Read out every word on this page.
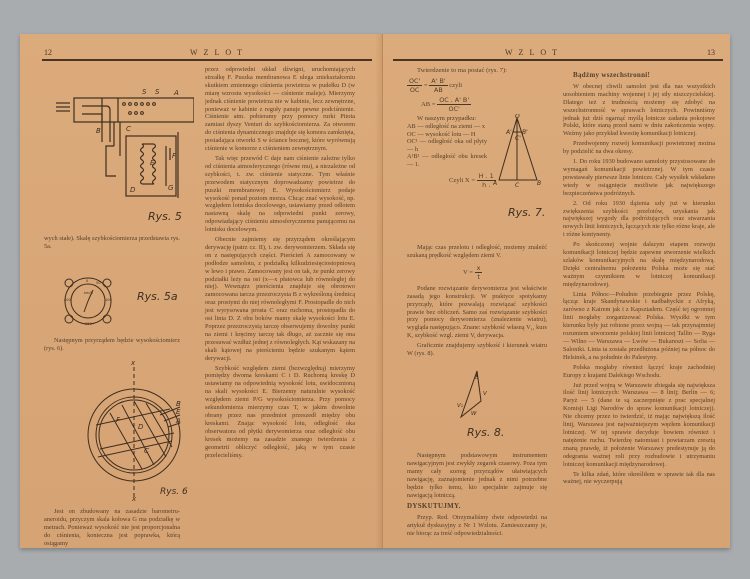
12	WZLOT
S S A
B	C
E
F
D	G
Rys. 5

wych stałe). Skalę szybkościomierza przedstawia rys. 5a.

0 50
100
400
250
km/h	Rys. 5a

Następnym przyrządem będzie wysokościomierz (rys. 6).

x
B
E
A
F
D
C
x
Rys. 6

Jest on zbudowany na zasadzie barometru-aneroidu, przyczym skala kołowa G ma podziałkę w metrach. Ponieważ wysokość nie jest proporcjonalna do ciśnienia, konieczna jest poprawka, którą osiągamy

przez odpowiedni układ dźwigni, uruchomiających strzałkę F. Puszka membranowa E ulega zniekształceniu skutkiem zmiennego ciśnienia powietrza w pudełku D (w miarę wzrostu wysokości — ciśnienie maleje). Mierzymy jednak ciśnienie powietrza nie w kabinie, lecz zewnętrzne, ponieważ w kabinie z reguły panuje pewne podciśnienie. Ciśnienie atm. pobieramy przy pomocy rurki Pitota zamiast dyszy Venturi do szybkościomierza. Za otworem do ciśnienia dynamicznego znajduje się komora zamknięta, posiadająca otworki S w ściance bocznej, które wyrównują ciśnienie w komorze z ciśnieniem zewnętrznym.

Tak więc przewód C daje nam ciśnienie zależne tylko od ciśnienia atmosferycznego (równe mu), a niezależne od szybkości, t. zw. ciśnienie statyczne. Tym właśnie przewodem statycznym doprowadzamy powietrze do puszki membranowej E. Wysokościomierz podaje wysokość ponad poziom morza. Chcąc znać wysokość, np. względem lotniska docelowego, ustawiamy przed odlotem nastawną skalę na odpowiedni punkt zerowy, odpowiadający ciśnieniu atmosferycznemu panującemu na lotnisku docelowym.

Obecnie zajmiemy się przyrządem określającym derywację (patrz cz. II), t. zw. derywomierzem. Składa się on z następujących części. Pierścień A zamocowany w podłodze samolotu, z podziałką kilkudziesięciostopniową w lewo i prawo. Zamocowany jest on tak, że punkt zerowy podziałki leży na osi (x—x płatowca lub równoległej do niej). Wewnątrz pierścienia znajduje się obrotowo zamocowana tarcza przezroczysta B z wykreśloną średnicą oraz prostymi do niej równoległymi F. Prostopadle do nich jest wyrysowana prosta C oraz ruchoma, prostopadła do osi linia D. Z obu boków mamy skalę wysokości lotu E. Poprzez przezroczystą tarczę obserwujemy dowolny punkt na ziemi i kręcimy tarczę tak długo, aż zacznie się ona przesuwać wzdłuż jednej z równoległych. Kąt wskazany na skali kątowej na pierścieniu będzie szukanym kątem derywacji.

Szybkość względem ziemi (bezwzględną) mierzymy pomiędzy dwoma kreskami C i D. Ruchomą kreskę D ustawiamy na odpowiednią wysokość lotu, uwidocznioną na skali wysokości E. Bierzemy naturalnie wysokość względem ziemi P/G wysokościomierza. Przy pomocy sekundomierza mierzymy czas T, w jakim dowolnie obrany przez nas przedmiot przeszedł między obu kreskami. Znając wysokość lotu, odległość oka obserwatora od płytki derywomierza oraz odległość obu kresek możemy na zasadzie znanego twierdzenia z geometrii obliczyć odległość, jaką w tym czasie przelecieliśmy.

WZLOT	13
Twierdzenie to ma postać (rys. 7):
$\frac{OC'}{OC} = \frac{A' B'}{AB}$ czyli
AB = $\frac{OC . A' B'}{OC'}$
W naszym przypadku:
AB — odległość na ziemi — x
OC — wysokość lotu — H
OC¹ — odległość oka od płyty — h
A¹B¹ — odległość obu kresek — 1.
Czyli $X = \frac{H . 1}{h .}$
O
A' B'
C'
A	C	B
Rys. 7.

Mając czas przelotu i odległość, możemy znaleźć szukaną prędkość względem ziemi V.

$V = \frac{x}{t}$

Podane rozwiązanie derywomierza jest właściwie zasadą jego konstrukcji. W praktyce spotykamy przyrządy, które pozwalają rozwiązać szybkości prawie bez obliczeń. Samo zaś rozwiązanie szybkości przy pomocy derywomierza (znalezienie wiatru), wygląda następująco. Znane: szybkość własną V₁, kurs K, szybkość wzgl. ziemi V, derywacja.

Graficznie znajdujemy szybkość i kierunek wiatru W (rys. 8).

δ
V
V₁
W
Rys. 8.

Następnym podstawowym instrumentem nawigacyjnym jest zwykły zegarek czasowy. Poza tym mamy cały szereg przyrządów ułatwiających nawigację, zaznajomienie jednak z nimi potrzebne będzie tylko temu, kto specjalnie zajmuje się nawigacją lotniczą.

DYSKUTUJMY.

Przyp. Red. Otrzymaliśmy dwie odpowiedzi na artykuł dyskusyjny z Nr 1 Wzlotu. Zamieszczamy je, nie biorąc za treść odpowiedzialności.

Bądźmy wszechstronni!

W obecnej chwili samolot jest dla nas wszystkich uosobieniem machiny wojennej i jej siły niszczycielskiej. Dlatego też z trudnością możemy się zdobyć na wszechstronność w sprawach lotniczych. Powinniśmy jednak już dziś ogarnąć myślą lotnicze zadania pokojowe Polski, które staną przed nami w dniu zakończenia wojny. Weźmy jako przykład kwestię komunikacji lotniczej.

Przedwojenny rozwój komunikacji powietrznej można by podzielić na dwa okresy.

1. Do roku 1930 budowano samoloty przystosowane do wymagań komunikacji powietrznej. W tym czasie powstawały pierwsze linie lotnicze. Cały wysiłek wkładano wtedy w osiągnięcie możliwie jak największego bezpieczeństwa podróżnych.

2. Od roku 1930 dążenia szły już w kierunku zwiększenia szybkości przelotów, uzyskania jak największej wygody dla podróżujących oraz stwarzania nowych linii lotniczych, łączących nie tylko różne kraje, ale i różne kontynenty.

Po skończonej wojnie dalszym etapem rozwoju komunikacji lotniczej będzie zapewne stworzenie wielkich szlaków komunikacyjnych na skalę międzynarodową. Dzięki centralnemu położeniu Polska może się stać ważnym czynnikiem w lotniczej komunikacji międzynarodowej.

Linia Północ—Południe przebiegnie przez Polskę, łącząc kraje Skandynawskie i nadbałtyckie z Afryką, zarówno z Kairem jak i z Kapsztadem. Część tej ogromnej linii mogłaby zorganizować Polska. Wysiłki w tym kierunku były już robione przez wojną — tak przynajmniej rozumiem utworzenie polskiej linii lotniczej Tallin — Ryga — Wilno — Warszawa — Lwów — Bukareszt — Sofia — Saloniki. Linia ta została przedłużona później na północ do Helsinek, a na południe do Palestyny.

Polska mogłaby również łączyć kraje zachodniej Europy z krajami Dalekiego Wschodu.

Już przed wojną w Warszawie zbiegała się największa ilość linij lotniczych: Warszawa — 8 linij; Berlin — 6; Paryż — 5 (dane te są zaczerpnięte z prac specjalnej Komisji Ligi Narodów do spraw komunikacji lotniczej). Nie chcemy przez to twierdzić, iż mając największą ilość linij, Warszawa jest najważniejszym węzłem komunikacji lotniczej. W tej sprawie decyduje bowiem również i natężenie ruchu. Twierdzę natomiast i powtarzam zresztą znaną prawdę, iż położenie Warszawy predestynuje ją do odegrania ważnej roli przy rozbudowie i utrzymaniu lotniczej komunikacji międzynarodowej.

Te kilka zdań, które określiłem w sprawie tak dla nas ważnej, nie wyczerpują
